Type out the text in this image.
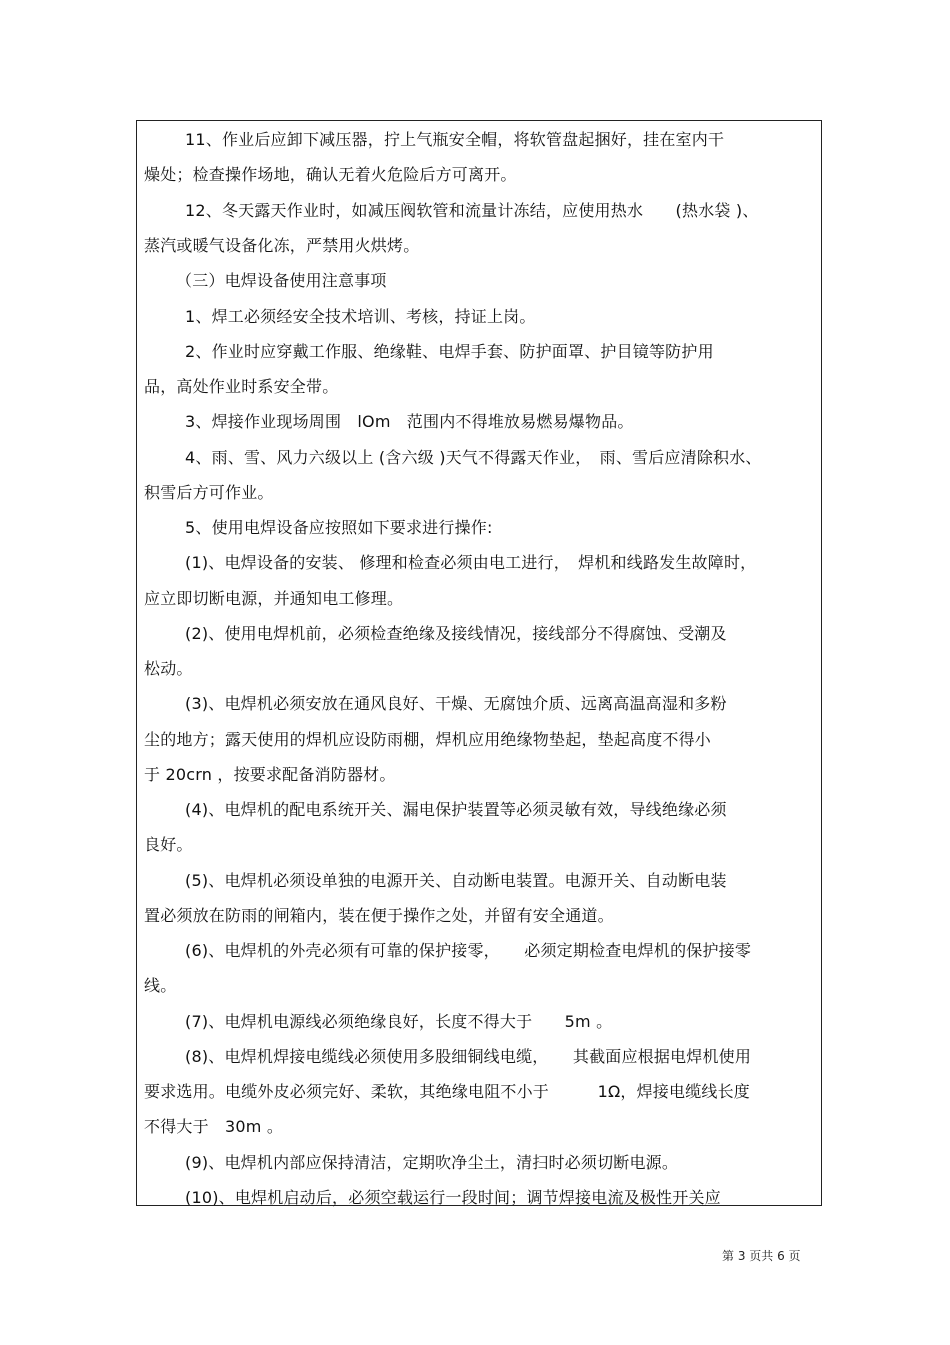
11、作业后应卸下减压器，拧上气瓶安全帽，将软管盘起捆好，挂在室内干
燥处；检查操作场地，确认无着火危险后方可离开。
12、冬天露天作业时，如减压阀软管和流量计冻结，应使用热水　　(热水袋 )、
蒸汽或暖气设备化冻，严禁用火烘烤。
（三）电焊设备使用注意事项
1、焊工必须经安全技术培训、考核，持证上岗。
2、作业时应穿戴工作服、绝缘鞋、电焊手套、防护面罩、护目镜等防护用
品，高处作业时系安全带。
3、焊接作业现场周围　lOm　范围内不得堆放易燃易爆物品。
4、雨、雪、风力六级以上 (含六级 )天气不得露天作业，　雨、雪后应清除积水、
积雪后方可作业。
5、使用电焊设备应按照如下要求进行操作:
(1)、电焊设备的安装、 修理和检查必须由电工进行，　焊机和线路发生故障时，
应立即切断电源，并通知电工修理。
(2)、使用电焊机前，必须检查绝缘及接线情况，接线部分不得腐蚀、受潮及
松动。
(3)、电焊机必须安放在通风良好、干燥、无腐蚀介质、远离高温高湿和多粉
尘的地方；露天使用的焊机应设防雨棚，焊机应用绝缘物垫起，垫起高度不得小
于 20crn ，按要求配备消防器材。
(4)、电焊机的配电系统开关、漏电保护装置等必须灵敏有效，导线绝缘必须
良好。
(5)、电焊机必须设单独的电源开关、自动断电装置。电源开关、自动断电装
置必须放在防雨的闸箱内，装在便于操作之处，并留有安全通道。
(6)、电焊机的外壳必须有可靠的保护接零，　　必须定期检查电焊机的保护接零
线。
(7)、电焊机电源线必须绝缘良好，长度不得大于　　5m 。
(8)、电焊机焊接电缆线必须使用多股细铜线电缆，　　其截面应根据电焊机使用
要求选用。电缆外皮必须完好、柔软，其绝缘电阻不小于　　　1Ω，焊接电缆线长度
不得大于　30m 。
(9)、电焊机内部应保持清洁，定期吹净尘土，清扫时必须切断电源。
(10)、电焊机启动后，必须空载运行一段时间；调节焊接电流及极性开关应
第 3 页共 6 页
